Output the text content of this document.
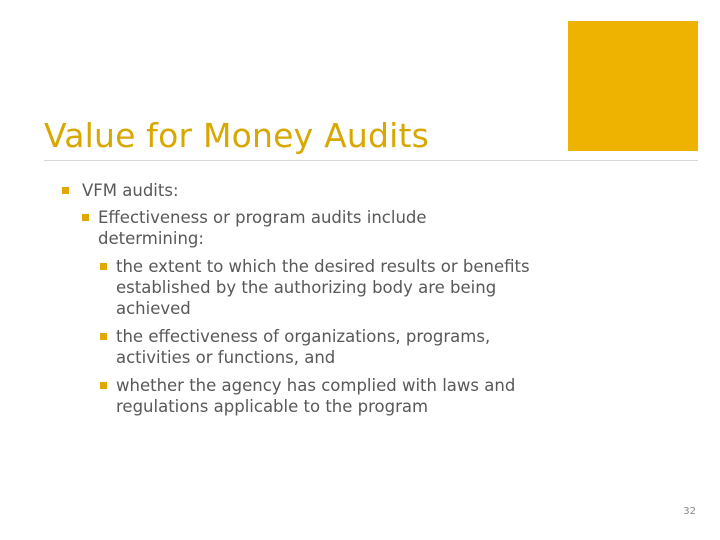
Value for Money Audits
VFM audits:
Effectiveness or program audits include determining:
the extent to which the desired results or benefits established by the authorizing body are being achieved
the effectiveness of organizations, programs, activities or functions, and
whether the agency has complied with laws and regulations applicable to the program
32
